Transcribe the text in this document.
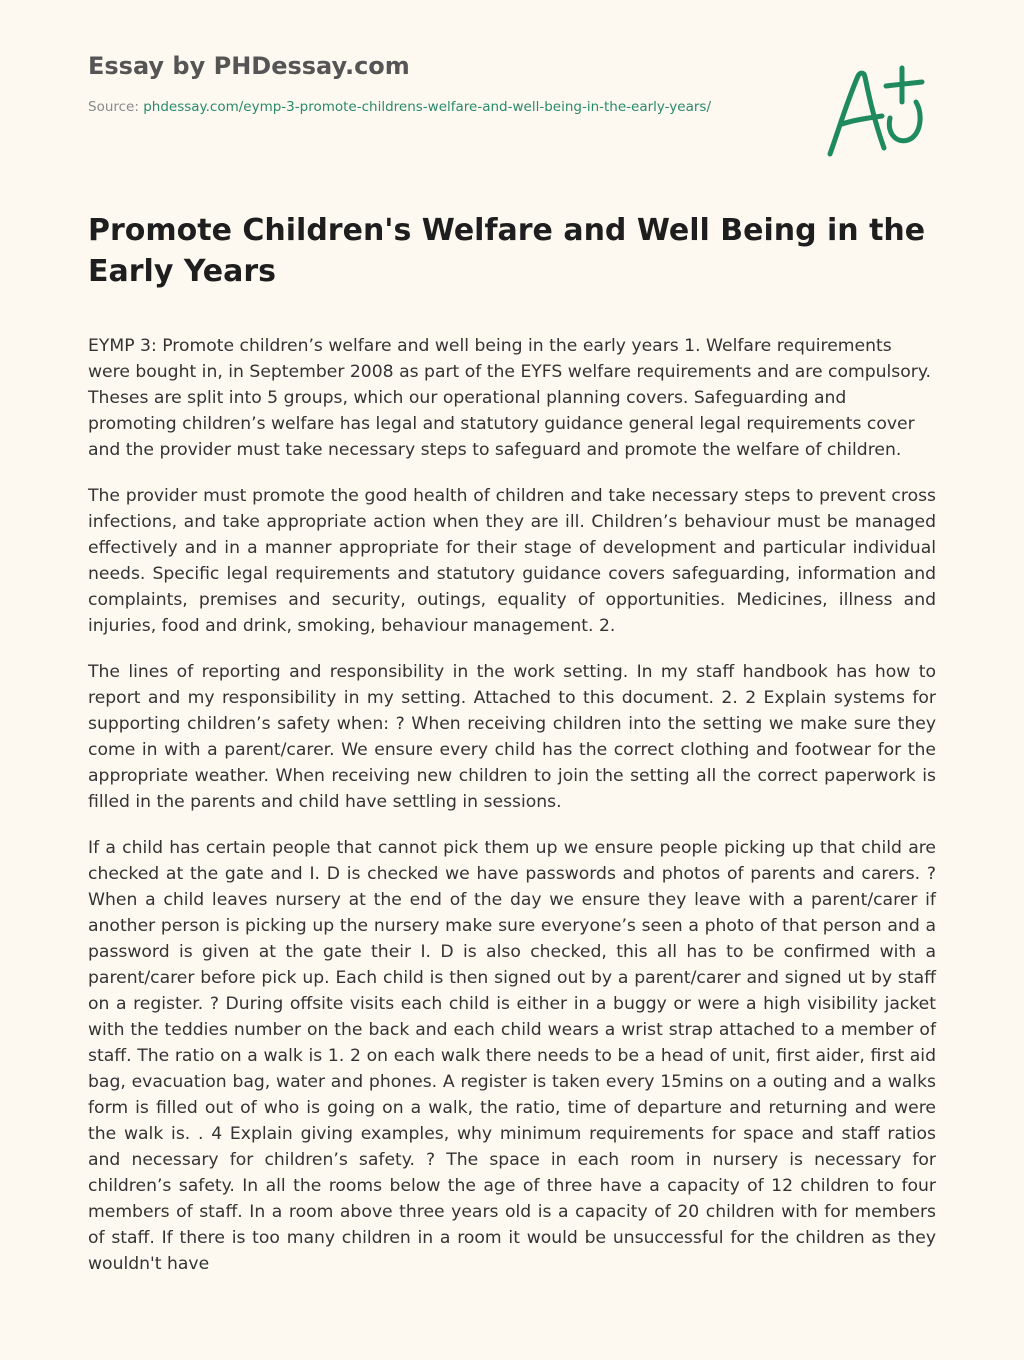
Essay by PHDessay.com
Source: phdessay.com/eymp-3-promote-childrens-welfare-and-well-being-in-the-early-years/
Promote Children's Welfare and Well Being in the Early Years

EYMP 3: Promote children’s welfare and well being in the early years 1. Welfare requirements were bought in, in September 2008 as part of the EYFS welfare requirements and are compulsory. Theses are split into 5 groups, which our operational planning covers. Safeguarding and promoting children’s welfare has legal and statutory guidance general legal requirements cover and the provider must take necessary steps to safeguard and promote the welfare of children.

The provider must promote the good health of children and take necessary steps to prevent cross infections, and take appropriate action when they are ill. Children’s behaviour must be managed effectively and in a manner appropriate for their stage of development and particular individual needs. Specific legal requirements and statutory guidance covers safeguarding, information and complaints, premises and security, outings, equality of opportunities. Medicines, illness and injuries, food and drink, smoking, behaviour management. 2.

The lines of reporting and responsibility in the work setting. In my staff handbook has how to report and my responsibility in my setting. Attached to this document. 2. 2 Explain systems for supporting children’s safety when: ? When receiving children into the setting we make sure they come in with a parent/carer. We ensure every child has the correct clothing and footwear for the appropriate weather. When receiving new children to join the setting all the correct paperwork is filled in the parents and child have settling in sessions.

If a child has certain people that cannot pick them up we ensure people picking up that child are checked at the gate and I. D is checked we have passwords and photos of parents and carers. ? When a child leaves nursery at the end of the day we ensure they leave with a parent/carer if another person is picking up the nursery make sure everyone’s seen a photo of that person and a password is given at the gate their I. D is also checked, this all has to be confirmed with a parent/carer before pick up. Each child is then signed out by a parent/carer and signed ut by staff on a register. ? During offsite visits each child is either in a buggy or were a high visibility jacket with the teddies number on the back and each child wears a wrist strap attached to a member of staff. The ratio on a walk is 1. 2 on each walk there needs to be a head of unit, first aider, first aid bag, evacuation bag, water and phones. A register is taken every 15mins on a outing and a walks form is filled out of who is going on a walk, the ratio, time of departure and returning and were the walk is. . 4 Explain giving examples, why minimum requirements for space and staff ratios and necessary for children’s safety. ? The space in each room in nursery is necessary for children’s safety. In all the rooms below the age of three have a capacity of 12 children to four members of staff. In a room above three years old is a capacity of 20 children with for members of staff. If there is too many children in a room it would be unsuccessful for the children as they wouldn't have
